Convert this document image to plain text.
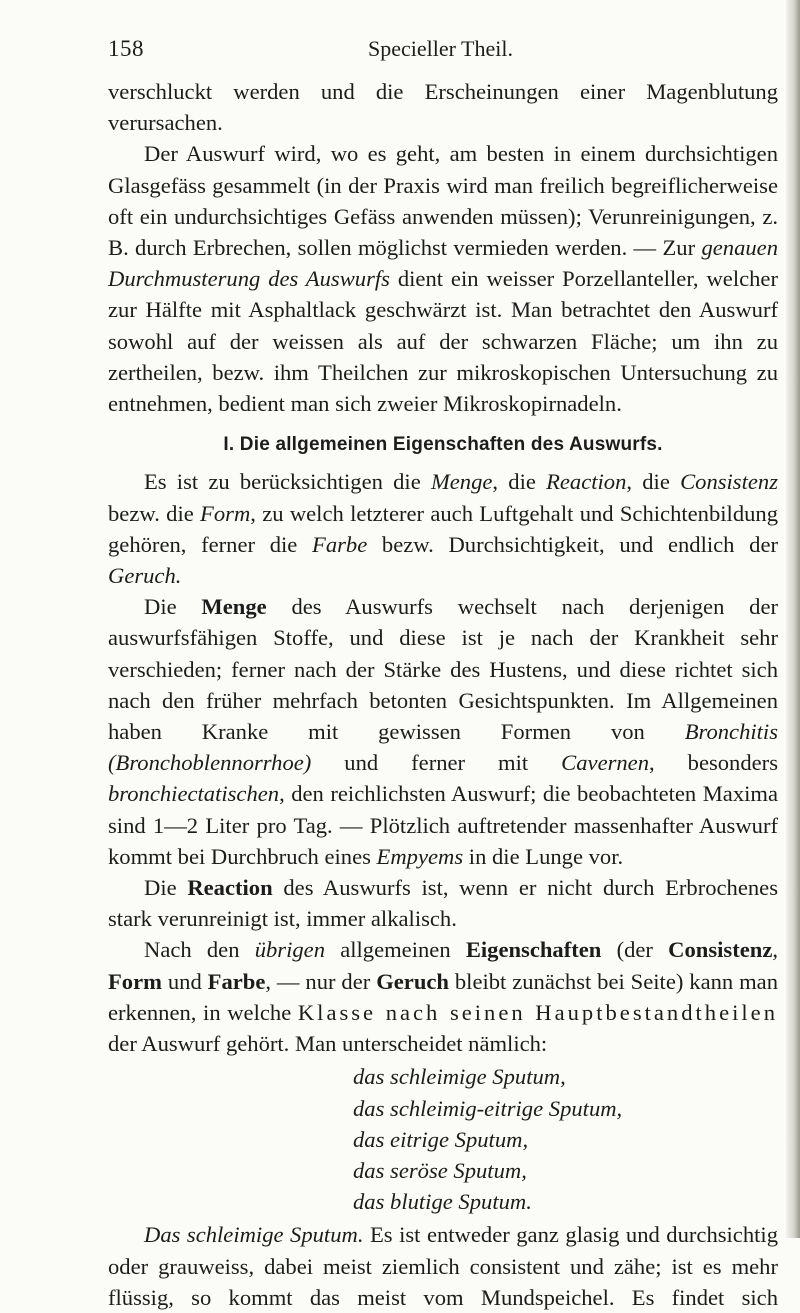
158	Specieller Theil.

verschluckt werden und die Erscheinungen einer Magenblutung verursachen.

Der Auswurf wird, wo es geht, am besten in einem durchsichtigen Glasgefäss gesammelt (in der Praxis wird man freilich begreiflicherweise oft ein undurchsichtiges Gefäss anwenden müssen); Verunreinigungen, z. B. durch Erbrechen, sollen möglichst vermieden werden. — Zur genauen Durchmusterung des Auswurfs dient ein weisser Porzellanteller, welcher zur Hälfte mit Asphaltlack geschwärzt ist. Man betrachtet den Auswurf sowohl auf der weissen als auf der schwarzen Fläche; um ihn zu zertheilen, bezw. ihm Theilchen zur mikroskopischen Untersuchung zu entnehmen, bedient man sich zweier Mikroskopirnadeln.

I. Die allgemeinen Eigenschaften des Auswurfs.

Es ist zu berücksichtigen die Menge, die Reaction, die Consistenz bezw. die Form, zu welch letzterer auch Luftgehalt und Schichtenbildung gehören, ferner die Farbe bezw. Durchsichtigkeit, und endlich der Geruch.

Die Menge des Auswurfs wechselt nach derjenigen der auswurfsfähigen Stoffe, und diese ist je nach der Krankheit sehr verschieden; ferner nach der Stärke des Hustens, und diese richtet sich nach den früher mehrfach betonten Gesichtspunkten. Im Allgemeinen haben Kranke mit gewissen Formen von Bronchitis (Bronchoblennorrhoe) und ferner mit Cavernen, besonders bronchiectatischen, den reichlichsten Auswurf; die beobachteten Maxima sind 1—2 Liter pro Tag. — Plötzlich auftretender massenhafter Auswurf kommt bei Durchbruch eines Empyems in die Lunge vor.

Die Reaction des Auswurfs ist, wenn er nicht durch Erbrochenes stark verunreinigt ist, immer alkalisch.

Nach den übrigen allgemeinen Eigenschaften (der Consistenz, Form und Farbe, — nur der Geruch bleibt zunächst bei Seite) kann man erkennen, in welche Klasse nach seinen Hauptbestandtheilen der Auswurf gehört. Man unterscheidet nämlich:

das schleimige Sputum,
das schleimig-eitrige Sputum,
das eitrige Sputum,
das seröse Sputum,
das blutige Sputum.

Das schleimige Sputum. Es ist entweder ganz glasig und durchsichtig oder grauweiss, dabei meist ziemlich consistent und zähe; ist es mehr flüssig, so kommt das meist vom Mundspeichel. Es findet sich
